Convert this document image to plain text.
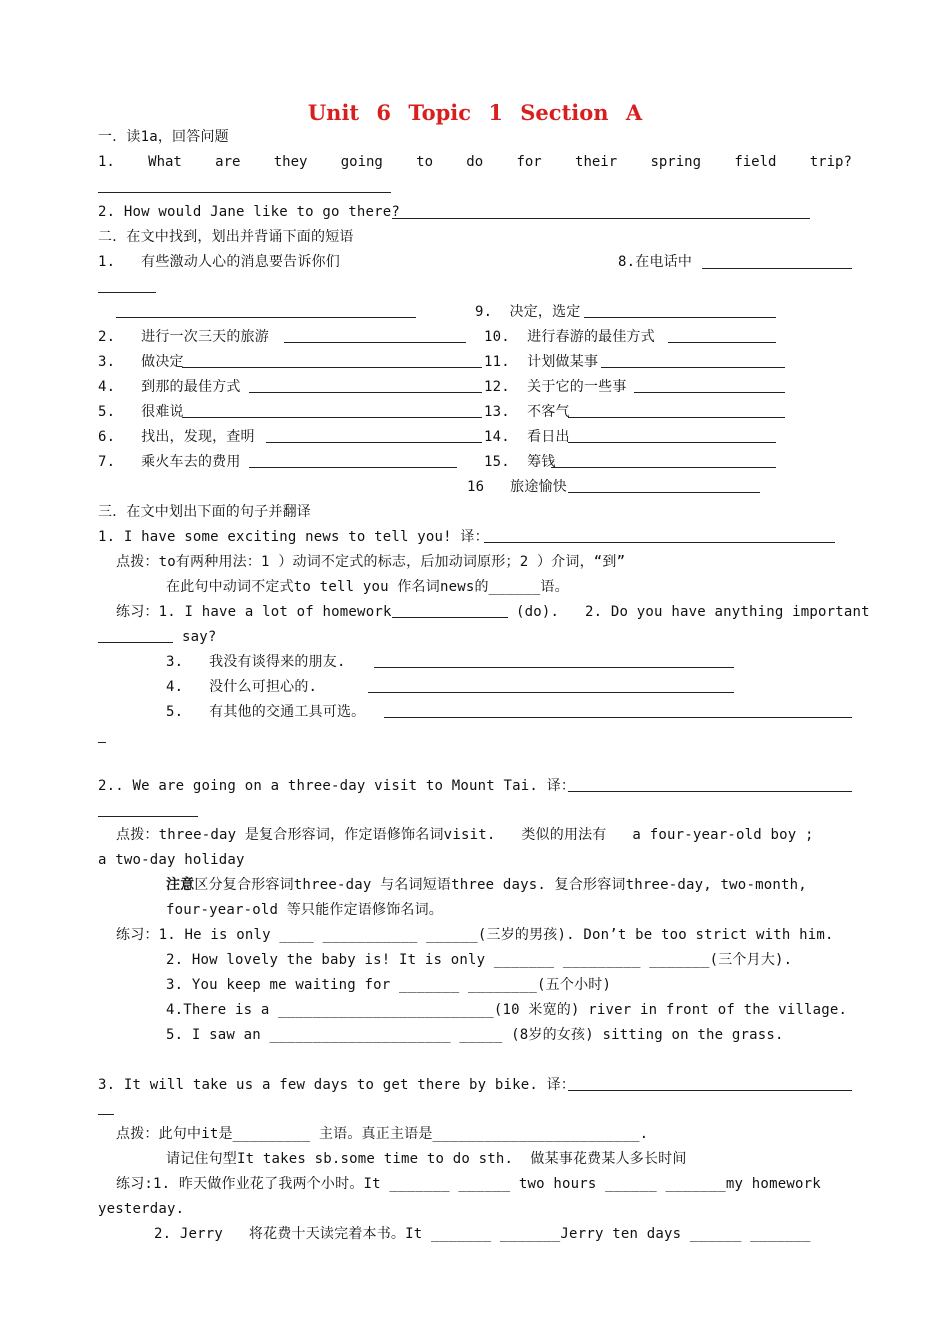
Unit 6 Topic 1 Section A
一．读1a，回答问题
1. What are they going to do for their spring field trip?
2. How would Jane like to go there?
二．在文中找到，划出并背诵下面的短语
1.   有些激动人心的消息要告诉你们	8.在电话中
9.  决定，选定
2.   进行一次三天的旅游	10.  进行春游的最佳方式
3.   做决定	11.  计划做某事
4.   到那的最佳方式	12.  关于它的一些事
5.   很难说	13.  不客气
6.   找出，发现，查明	14.  看日出
7.   乘火车去的费用	15.  筹钱
16   旅途愉快
三．在文中划出下面的句子并翻译
1. I have some exciting news to tell you! 译：
点拨：to有两种用法：1 ）动词不定式的标志，后加动词原形；2 ）介词，“到”
在此句中动词不定式to tell you 作名词news的______语。
练习：1. I have a lot of homework	(do).   2. Do you have anything important
say?
3.   我没有谈得来的朋友.
4.   没什么可担心的.
5.   有其他的交通工具可选。
2.. We are going on a three-day visit to Mount Tai. 译：
点拨：three-day 是复合形容词，作定语修饰名词visit.   类似的用法有   a four-year-old boy ;
a two-day holiday
注意区分复合形容词three-day 与名词短语three days. 复合形容词three-day, two-month,
four-year-old 等只能作定语修饰名词。
练习：1. He is only ____ ___________ ______(三岁的男孩). Don’t be too strict with him.
2. How lovely the baby is! It is only _______ _________ _______(三个月大).
3. You keep me waiting for _______ ________(五个小时)
4.There is a _________________________(10 米宽的) river in front of the village.
5. I saw an _____________________ _____ (8岁的女孩) sitting on the grass.
3. It will take us a few days to get there by bike. 译：
点拨：此句中it是_________ 主语。真正主语是________________________.
请记住句型It takes sb.some time to do sth.  做某事花费某人多长时间
练习:1. 昨天做作业花了我两个小时。It _______ ______ two hours ______ _______my homework
yesterday.
2. Jerry   将花费十天读完着本书。It _______ _______Jerry ten days ______ _______
